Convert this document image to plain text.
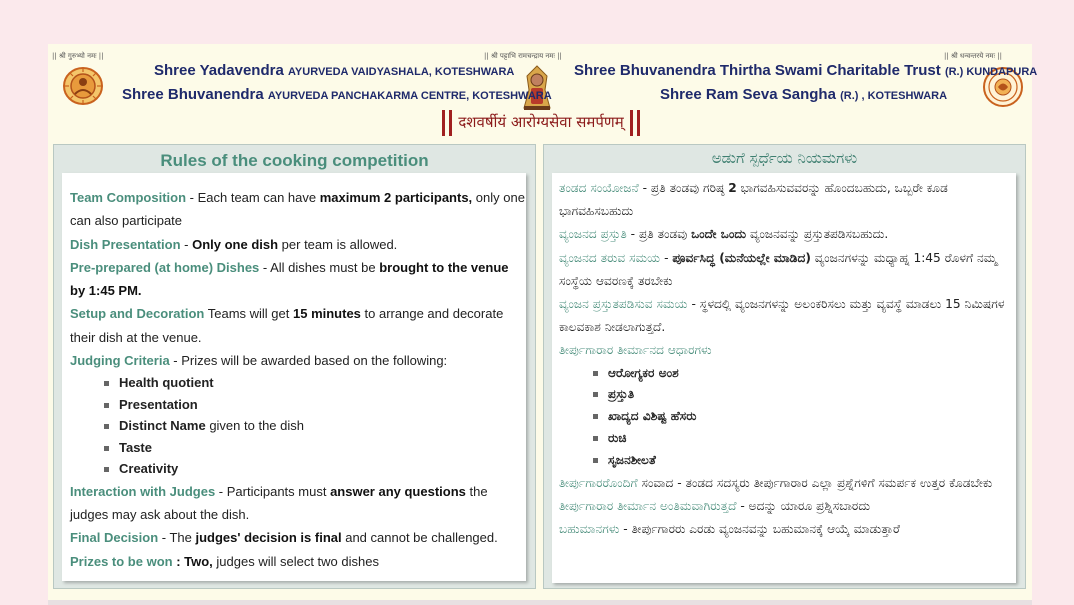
|| श्री गुरुभ्यो नमः ||	|| श्री पट्टाभि रामचन्द्राय नमः ||	|| श्री धन्वन्तरये नमः ||
Shree Yadavendra AYURVEDA VAIDYASHALA, KOTESHWARA
Shree Bhuvanendra AYURVEDA PANCHAKARMA CENTRE, KOTESHWARA
Shree Bhuvanendra Thirtha Swami Charitable Trust (R.) KUNDAPURA
Shree Ram Seva Sangha (R.) , KOTESHWARA
दशवर्षीयं आरोग्यसेवा समर्पणम्
Rules of the cooking competition
Team Composition - Each team can have maximum 2 participants, only one can also participate
Dish Presentation - Only one dish per team is allowed.
Pre-prepared (at home) Dishes - All dishes must be brought to the venue by 1:45 PM.
Setup and Decoration Teams will get 15 minutes to arrange and decorate their dish at the venue.
Judging Criteria - Prizes will be awarded based on the following:
Health quotient
Presentation
Distinct Name given to the dish
Taste
Creativity
Interaction with Judges - Participants must answer any questions the judges may ask about the dish.
Final Decision - The judges' decision is final and cannot be challenged.
Prizes to be won : Two, judges will select two dishes
ಅಡುಗೆ ಸ್ಪರ್ಧೆಯ ನಿಯಮಗಳು
ತಂಡದ ಸಂಯೋಜನೆ - ಪ್ರತಿ ತಂಡವು ಗರಿಷ್ಠ 2 ಭಾಗವಹಿಸುವವರನ್ನು ಹೊಂದಬಹುದು, ಒಬ್ಬರೇ ಕೂಡ ಭಾಗವಹಿಸಬಹುದು
ವ್ಯಂಜನದ ಪ್ರಸ್ತುತಿ - ಪ್ರತಿ ತಂಡವು ಒಂದೇ ಒಂದು ವ್ಯಂಜನವನ್ನು ಪ್ರಸ್ತುತಪಡಿಸಬಹುದು.
ವ್ಯಂಜನದ ತರುವ ಸಮಯ - ಪೂರ್ವಸಿದ್ಧ (ಮನೆಯಲ್ಲೇ ಮಾಡಿದ) ವ್ಯಂಜನಗಳನ್ನು ಮಧ್ಯಾಹ್ನ 1:45 ರೊಳಗೆ ನಮ್ಮ ಸಂಸ್ಥೆಯ ಆವರಣಕ್ಕೆ ತರಬೇಕು
ವ್ಯಂಜನ ಪ್ರಸ್ತುತಪಡಿಸುವ ಸಮಯ - ಸ್ಥಳದಲ್ಲಿ ವ್ಯಂಜನಗಳನ್ನು ಅಲಂಕರಿಸಲು ಮತ್ತು ವ್ಯವಸ್ಥೆ ಮಾಡಲು 15 ನಿಮಿಷಗಳ ಕಾಲವಕಾಶ ನೀಡಲಾಗುತ್ತದೆ.
ತೀರ್ಪುಗಾರಾರ ತೀರ್ಮಾನದ ಆಧಾರಗಳು
ಆರೋಗ್ಯಕರ ಅಂಶ
ಪ್ರಸ್ತುತಿ
ಖಾದ್ಯದ ವಿಶಿಷ್ಟ ಹೆಸರು
ರುಚಿ
ಸೃಜನಶೀಲತೆ
ತೀರ್ಪುಗಾರರೊಂದಿಗೆ ಸಂವಾದ - ತಂಡದ ಸದಸ್ಯರು ತೀರ್ಪುಗಾರಾರ ಎಲ್ಲಾ ಪ್ರಶ್ನೆಗಳಿಗೆ ಸಮರ್ಪಕ ಉತ್ತರ ಕೊಡಬೇಕು
ತೀರ್ಪುಗಾರಾರ ತೀರ್ಮಾನ ಅಂತಿಮವಾಗಿರುತ್ತದೆ - ಅದನ್ನು ಯಾರೂ ಪ್ರಶ್ನಿಸಬಾರದು
ಬಹುಮಾನಗಳು - ತೀರ್ಪುಗಾರರು ಎರಡು ವ್ಯಂಜನವನ್ನು ಬಹುಮಾನಕ್ಕೆ ಆಯ್ಕೆ ಮಾಡುತ್ತಾರೆ
